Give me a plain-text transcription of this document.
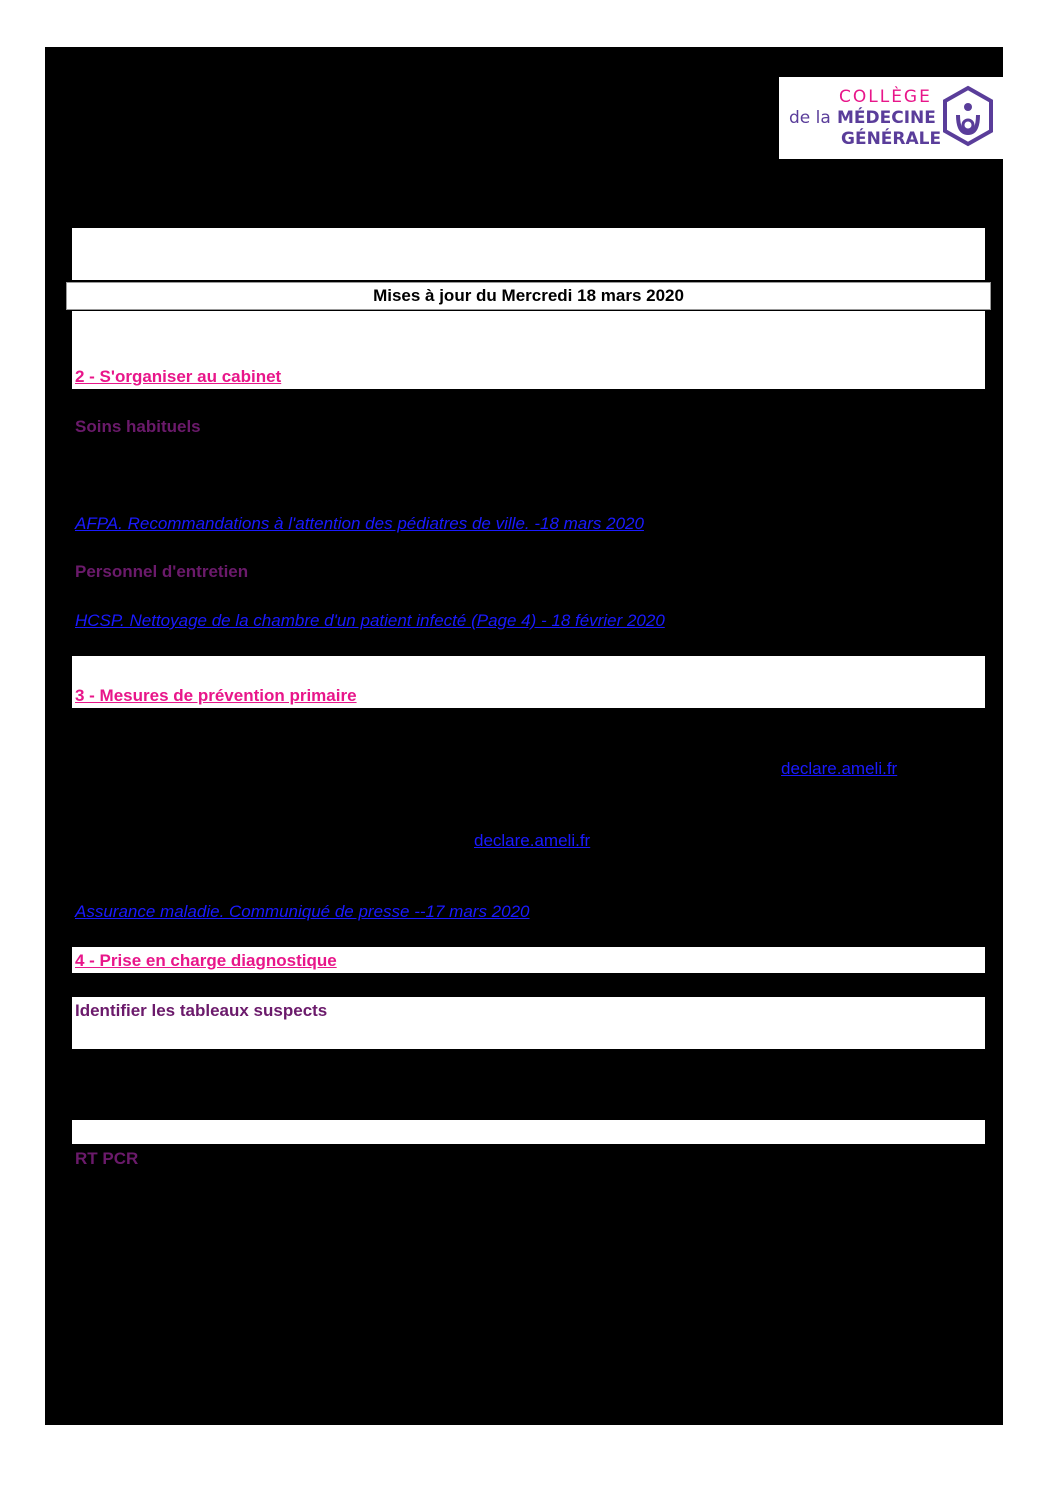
COLLÈGE
de la MÉDECINE
GÉNÉRALE
Mises à jour du Mercredi 18 mars 2020
2 - S'organiser au cabinet
Soins habituels
AFPA. Recommandations à l'attention des pédiatres de ville. -18 mars 2020
Personnel d'entretien
HCSP. Nettoyage de la chambre d'un patient infecté (Page 4) - 18 février 2020
3 - Mesures de prévention primaire
declare.ameli.fr
declare.ameli.fr
Assurance maladie. Communiqué de presse --17 mars 2020
4 - Prise en charge diagnostique
Identifier les tableaux suspects
RT PCR
